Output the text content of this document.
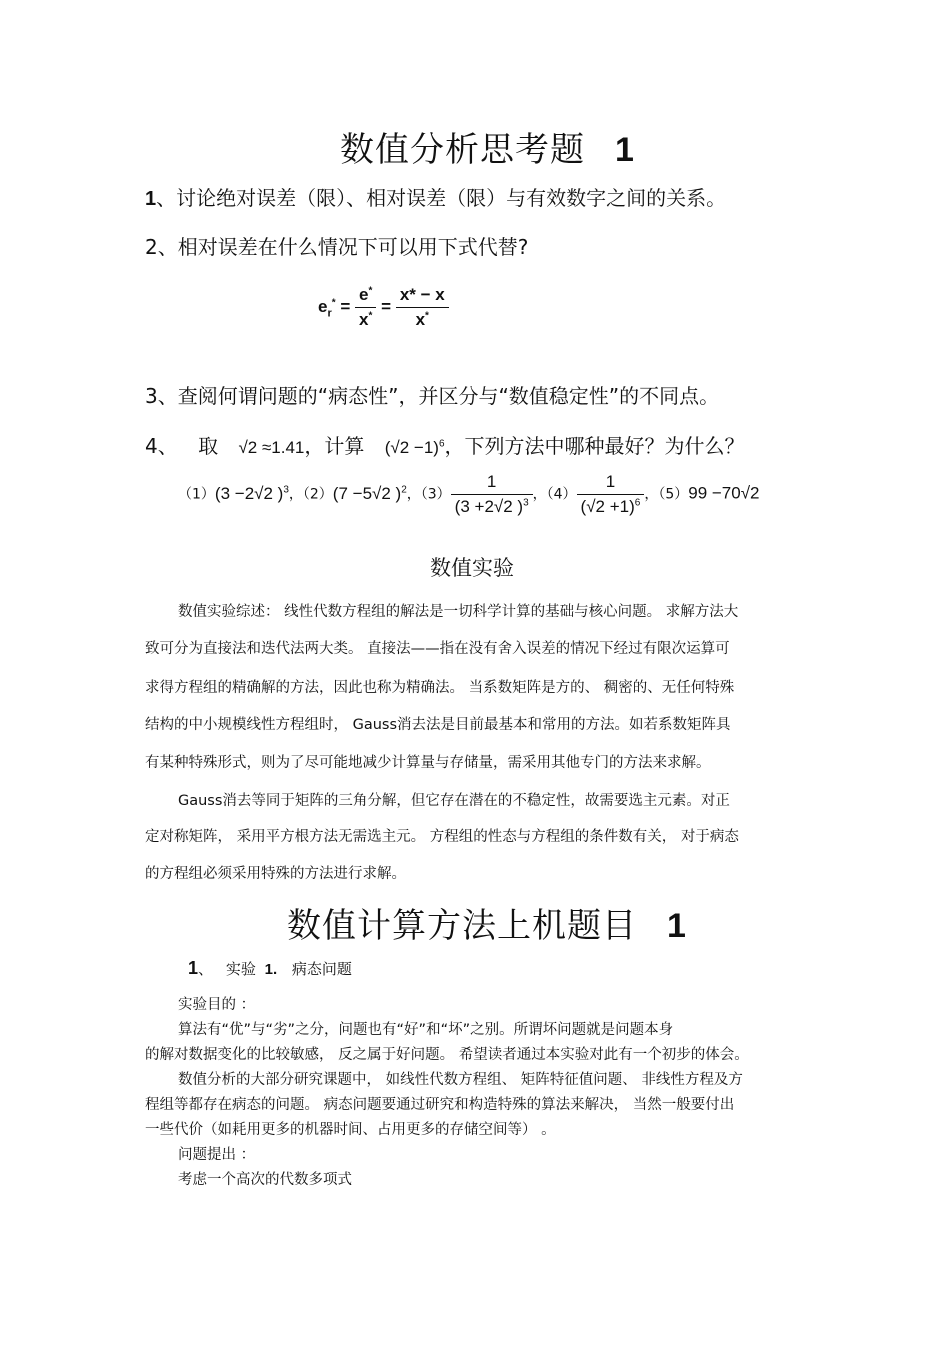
数值分析思考题 1
1、讨论绝对误差（限）、相对误差（限）与有效数字之间的关系。
2、相对误差在什么情况下可以用下式代替?
$e_r^* = \frac{e^*}{x^*} = \frac{x* - x}{x^*}$
3、查阅何谓问题的“病态性”，并区分与“数值稳定性”的不同点。
4、 取 √2 ≈1.41，计算 $(√2 -1)^6$，下列方法中哪种最好？为什么？
（1）(3 −2√2 )$^3$，（2）(7 −5√2 )$^2$，$(3) \frac{1}{(3 +2√2 )^3}$ ，$(4) \frac{1}{(√2 +1)^6}$ ，（5）99 −70√2
数值实验
数值实验综述： 线性代数方程组的解法是一切科学计算的基础与核心问题。 求解方法大
致可分为直接法和迭代法两大类。 直接法——指在没有舍入误差的情况下经过有限次运算可
求得方程组的精确解的方法，因此也称为精确法。 当系数矩阵是方的、 稠密的、无任何特殊
结构的中小规模线性方程组时， Gauss消去法是目前最基本和常用的方法。如若系数矩阵具
有某种特殊形式，则为了尽可能地减少计算量与存储量，需采用其他专门的方法来求解。
Gauss消去等同于矩阵的三角分解，但它存在潜在的不稳定性，故需要选主元素。对正
定对称矩阵， 采用平方根方法无需选主元。 方程组的性态与方程组的条件数有关， 对于病态
的方程组必须采用特殊的方法进行求解。
数值计算方法上机题目 1
1、 实验 1. 病态问题
实验目的 ：
算法有“优”与“劣”之分，问题也有“好”和“坏”之别。所谓坏问题就是问题本身
的解对数据变化的比较敏感， 反之属于好问题。 希望读者通过本实验对此有一个初步的体会。
数值分析的大部分研究课题中， 如线性代数方程组、 矩阵特征值问题、 非线性方程及方
程组等都存在病态的问题。 病态问题要通过研究和构造特殊的算法来解决， 当然一般要付出
一些代价（如耗用更多的机器时间、占用更多的存储空间等） 。
问题提出 ：
考虑一个高次的代数多项式
